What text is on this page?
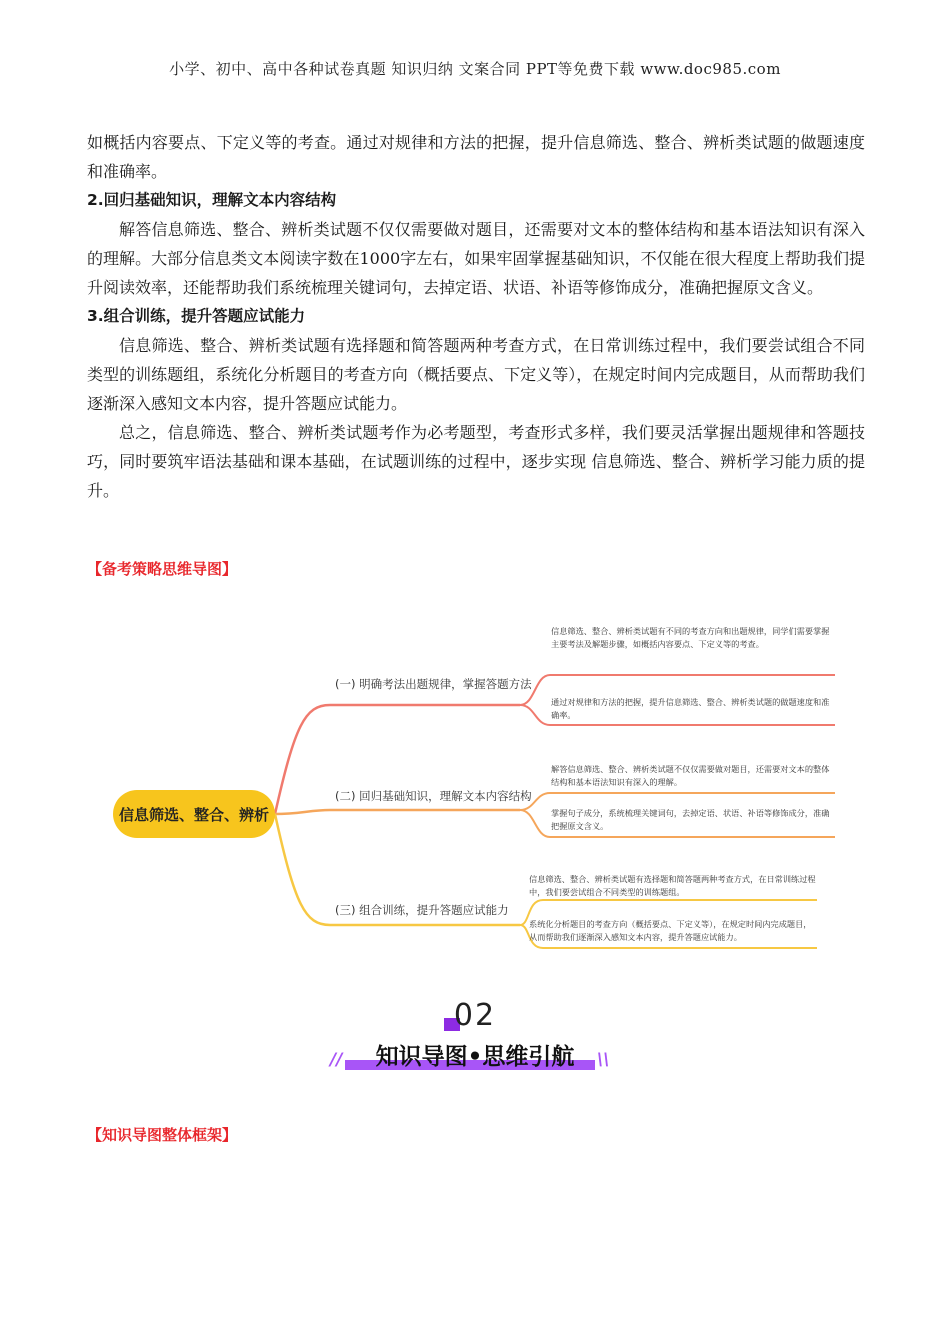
小学、初中、高中各种试卷真题 知识归纳 文案合同 PPT等免费下载 www.doc985.com

如概括内容要点、下定义等的考查。通过对规律和方法的把握，提升信息筛选、整合、辨析类试题的做题速度和准确率。

2.回归基础知识，理解文本内容结构

解答信息筛选、整合、辨析类试题不仅仅需要做对题目，还需要对文本的整体结构和基本语法知识有深入的理解。大部分信息类文本阅读字数在1000字左右，如果牢固掌握基础知识，不仅能在很大程度上帮助我们提升阅读效率，还能帮助我们系统梳理关键词句，去掉定语、状语、补语等修饰成分，准确把握原文含义。

3.组合训练，提升答题应试能力

信息筛选、整合、辨析类试题有选择题和简答题两种考查方式，在日常训练过程中，我们要尝试组合不同类型的训练题组，系统化分析题目的考查方向（概括要点、下定义等），在规定时间内完成题目，从而帮助我们逐渐深入感知文本内容，提升答题应试能力。

总之，信息筛选、整合、辨析类试题考作为必考题型，考查形式多样，我们要灵活掌握出题规律和答题技巧，同时要筑牢语法基础和课本基础，在试题训练的过程中，逐步实现 信息筛选、整合、辨析学习能力质的提升。

【备考策略思维导图】
信息筛选、整合、辨析
(一) 明确考法出题规律，掌握答题方法
(二) 回归基础知识，理解文本内容结构
(三) 组合训练，提升答题应试能力
信息筛选、整合、辨析类试题有不同的考查方向和出题规律，同学们需要掌握主要考法及解题步骤，如概括内容要点、下定义等的考查。
通过对规律和方法的把握，提升信息筛选、整合、辨析类试题的做题速度和准确率。
解答信息筛选、整合、辨析类试题不仅仅需要做对题目，还需要对文本的整体结构和基本语法知识有深入的理解。
掌握句子成分，系统梳理关键词句，去掉定语、状语、补语等修饰成分，准确把握原文含义。
信息筛选、整合、辨析类试题有选择题和简答题两种考查方式，在日常训练过程中，我们要尝试组合不同类型的训练题组。
系统化分析题目的考查方向（概括要点、下定义等），在规定时间内完成题目，从而帮助我们逐渐深入感知文本内容，提升答题应试能力。
02
//	\\
知识导图•思维引航
【知识导图整体框架】
